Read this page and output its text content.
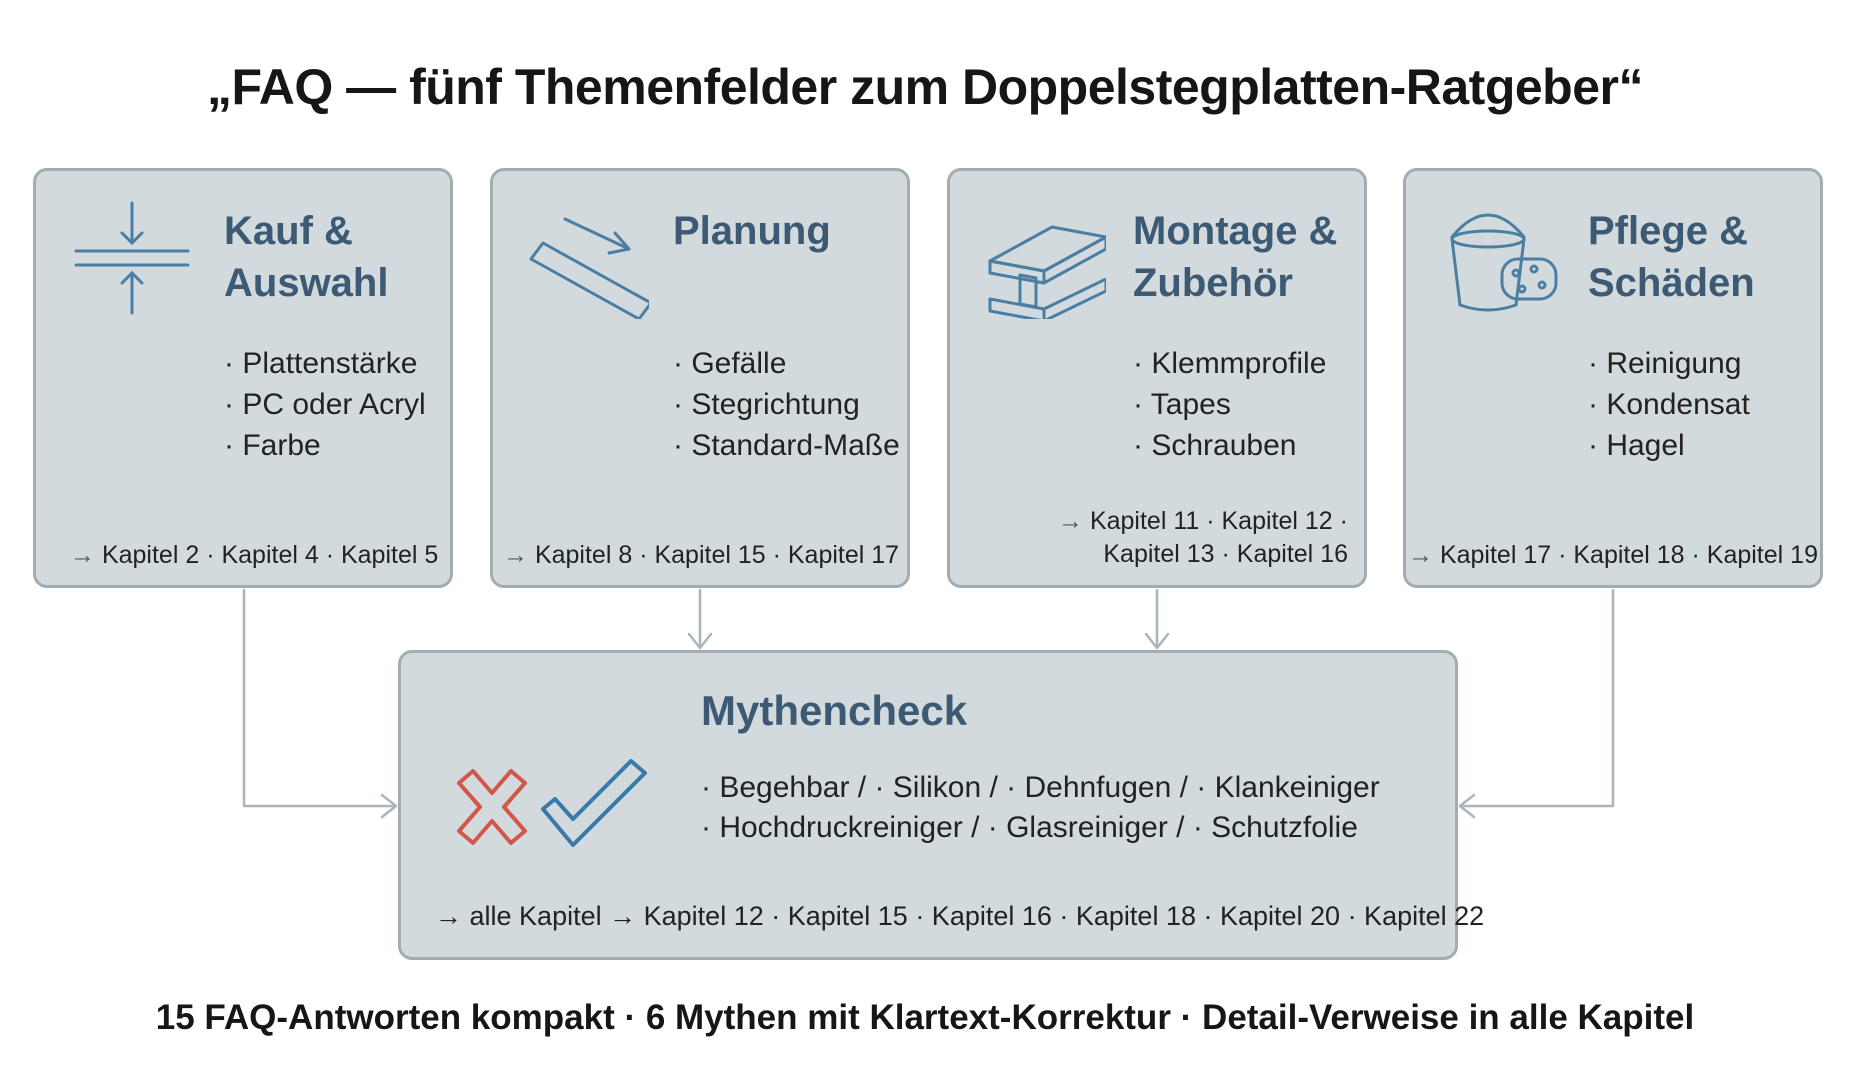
„FAQ — fünf Themenfelder zum Doppelstegplatten-Ratgeber“
Kauf &
Auswahl
· Plattenstärke
· PC oder Acryl
· Farbe
→ Kapitel 2 · Kapitel 4 · Kapitel 5
Planung
· Gefälle
· Stegrichtung
· Standard-Maße
→ Kapitel 8 · Kapitel 15 · Kapitel 17
Montage &
Zubehör
· Klemmprofile
· Tapes
· Schrauben
→ Kapitel 11 · Kapitel 12 ·
Kapitel 13 · Kapitel 16
Pflege &
Schäden
· Reinigung
· Kondensat
· Hagel
→ Kapitel 17 · Kapitel 18 · Kapitel 19
Mythencheck
· Begehbar / · Silikon / · Dehnfugen / · Klankeiniger
· Hochdruckreiniger / · Glasreiniger / · Schutzfolie
→ alle Kapitel → Kapitel 12 · Kapitel 15 · Kapitel 16 · Kapitel 18 · Kapitel 20 · Kapitel 22
15 FAQ-Antworten kompakt · 6 Mythen mit Klartext-Korrektur · Detail-Verweise in alle Kapitel
